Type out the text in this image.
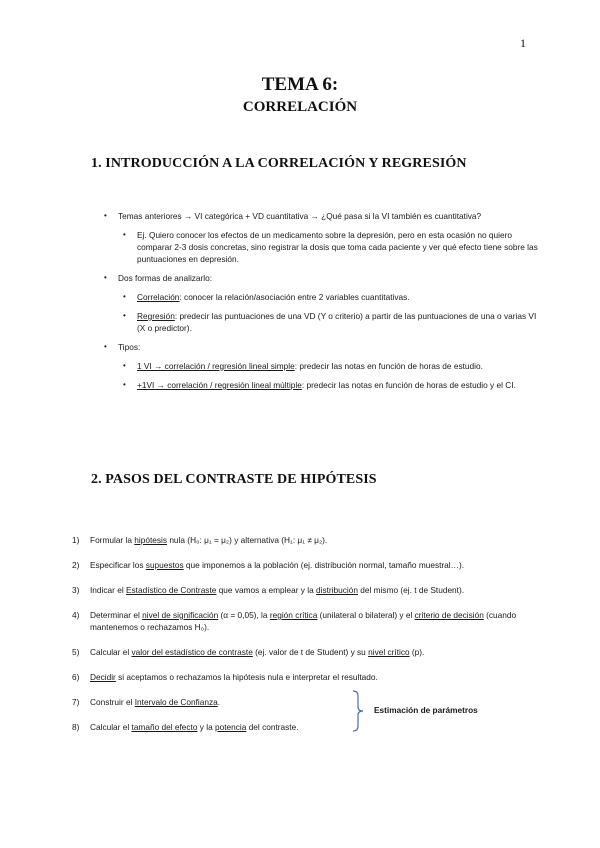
1
TEMA 6:
CORRELACIÓN
1. INTRODUCCIÓN A LA CORRELACIÓN Y REGRESIÓN
• Temas anteriores → VI categórica + VD cuantitativa → ¿Qué pasa si la VI también es cuantitativa?
• Ej. Quiero conocer los efectos de un medicamento sobre la depresión, pero en esta ocasión no quiero comparar 2-3 dosis concretas, sino registrar la dosis que toma cada paciente y ver qué efecto tiene sobre las puntuaciones en depresión.
• Dos formas de analizarlo:
• Correlación: conocer la relación/asociación entre 2 variables cuantitativas.
• Regresión: predecir las puntuaciones de una VD (Y o criterio) a partir de las puntuaciones de una o varias VI (X o predictor).
• Tipos:
• 1 VI → correlación / regresión lineal simple: predecir las notas en función de horas de estudio.
• +1VI → correlación / regresión lineal múltiple: predecir las notas en función de horas de estudio y el CI.
2. PASOS DEL CONTRASTE DE HIPÓTESIS
1) Formular la hipótesis nula (H₀: μ₁ = μ₂) y alternativa (H₁: μ₁ ≠ μ₂).
2) Especificar los supuestos que imponemos a la población (ej. distribución normal, tamaño muestral…).
3) Indicar el Estadístico de Contraste que vamos a emplear y la distribución del mismo (ej. t de Student).
4) Determinar el nivel de significación (α = 0,05), la región crítica (unilateral o bilateral) y el criterio de decisión (cuando mantenemos o rechazamos H₀).
5) Calcular el valor del estadístico de contraste (ej. valor de t de Student) y su nivel crítico (p).
6) Decidir si aceptamos o rechazamos la hipótesis nula e interpretar el resultado.
7) Construir el Intervalo de Confianza.
8) Calcular el tamaño del efecto y la potencia del contraste.
Estimación de parámetros
